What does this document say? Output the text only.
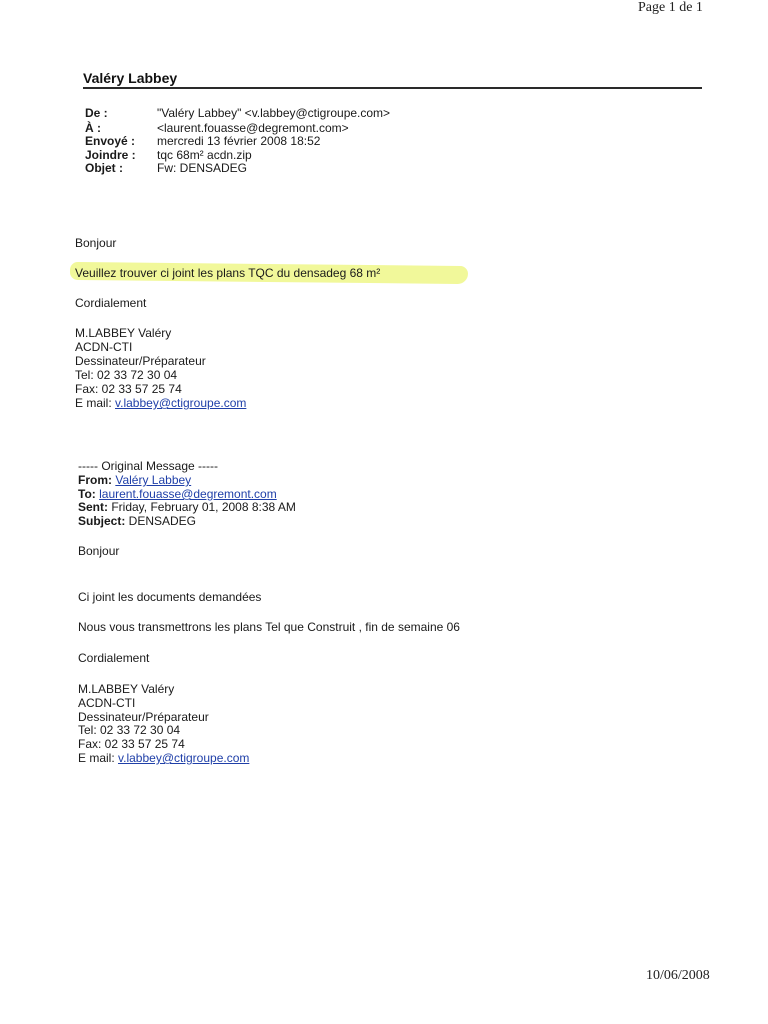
Page 1 de 1
Valéry Labbey
De :	"Valéry Labbey" <v.labbey@ctigroupe.com>
À :	<laurent.fouasse@degremont.com>
Envoyé : mercredi 13 février 2008 18:52
Joindre : tqc 68m² acdn.zip
Objet :	Fw: DENSADEG
Bonjour
Veuillez trouver ci joint les plans TQC du densadeg 68 m²
Cordialement
M.LABBEY Valéry
ACDN-CTI
Dessinateur/Préparateur
Tel: 02 33 72 30 04
Fax: 02 33 57 25 74
E mail: v.labbey@ctigroupe.com
----- Original Message -----
From: Valéry Labbey
To: laurent.fouasse@degremont.com
Sent: Friday, February 01, 2008 8:38 AM
Subject: DENSADEG
Bonjour
Ci joint les documents demandées
Nous vous transmettrons les plans Tel que Construit , fin de semaine 06
Cordialement
M.LABBEY Valéry
ACDN-CTI
Dessinateur/Préparateur
Tel: 02 33 72 30 04
Fax: 02 33 57 25 74
E mail: v.labbey@ctigroupe.com
10/06/2008
